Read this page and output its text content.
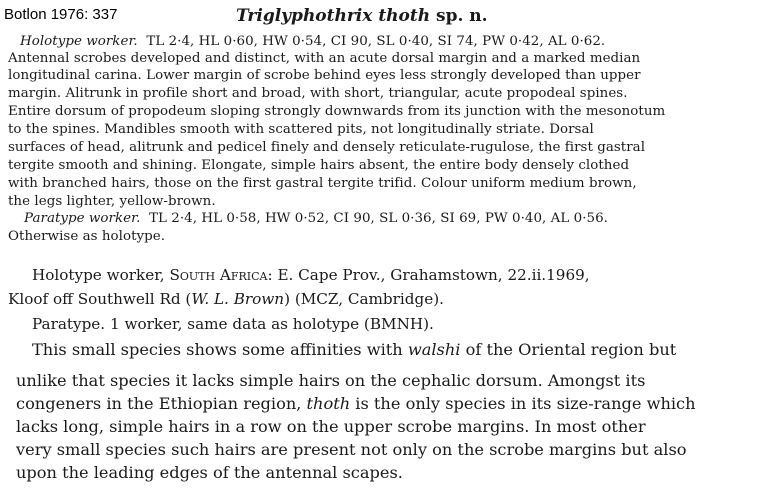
Botlon 1976: 337	Triglyphothrix thoth sp. n.
Holotype worker. TL 2·4, HL 0·60, HW 0·54, CI 90, SL 0·40, SI 74, PW 0·42, AL 0·62.
Antennal scrobes developed and distinct, with an acute dorsal margin and a marked median
longitudinal carina. Lower margin of scrobe behind eyes less strongly developed than upper
margin. Alitrunk in profile short and broad, with short, triangular, acute propodeal spines.
Entire dorsum of propodeum sloping strongly downwards from its junction with the mesonotum
to the spines. Mandibles smooth with scattered pits, not longitudinally striate. Dorsal
surfaces of head, alitrunk and pedicel finely and densely reticulate-rugulose, the first gastral
tergite smooth and shining. Elongate, simple hairs absent, the entire body densely clothed
with branched hairs, those on the first gastral tergite trifid. Colour uniform medium brown,
the legs lighter, yellow-brown.
Paratype worker. TL 2·4, HL 0·58, HW 0·52, CI 90, SL 0·36, SI 69, PW 0·40, AL 0·56.
Otherwise as holotype.
Holotype worker, South Africa: E. Cape Prov., Grahamstown, 22.ii.1969,
Kloof off Southwell Rd (W. L. Brown) (MCZ, Cambridge).
Paratype. 1 worker, same data as holotype (BMNH).
This small species shows some affinities with walshi of the Oriental region but
unlike that species it lacks simple hairs on the cephalic dorsum. Amongst its
congeners in the Ethiopian region, thoth is the only species in its size-range which
lacks long, simple hairs in a row on the upper scrobe margins. In most other
very small species such hairs are present not only on the scrobe margins but also
upon the leading edges of the antennal scapes.
